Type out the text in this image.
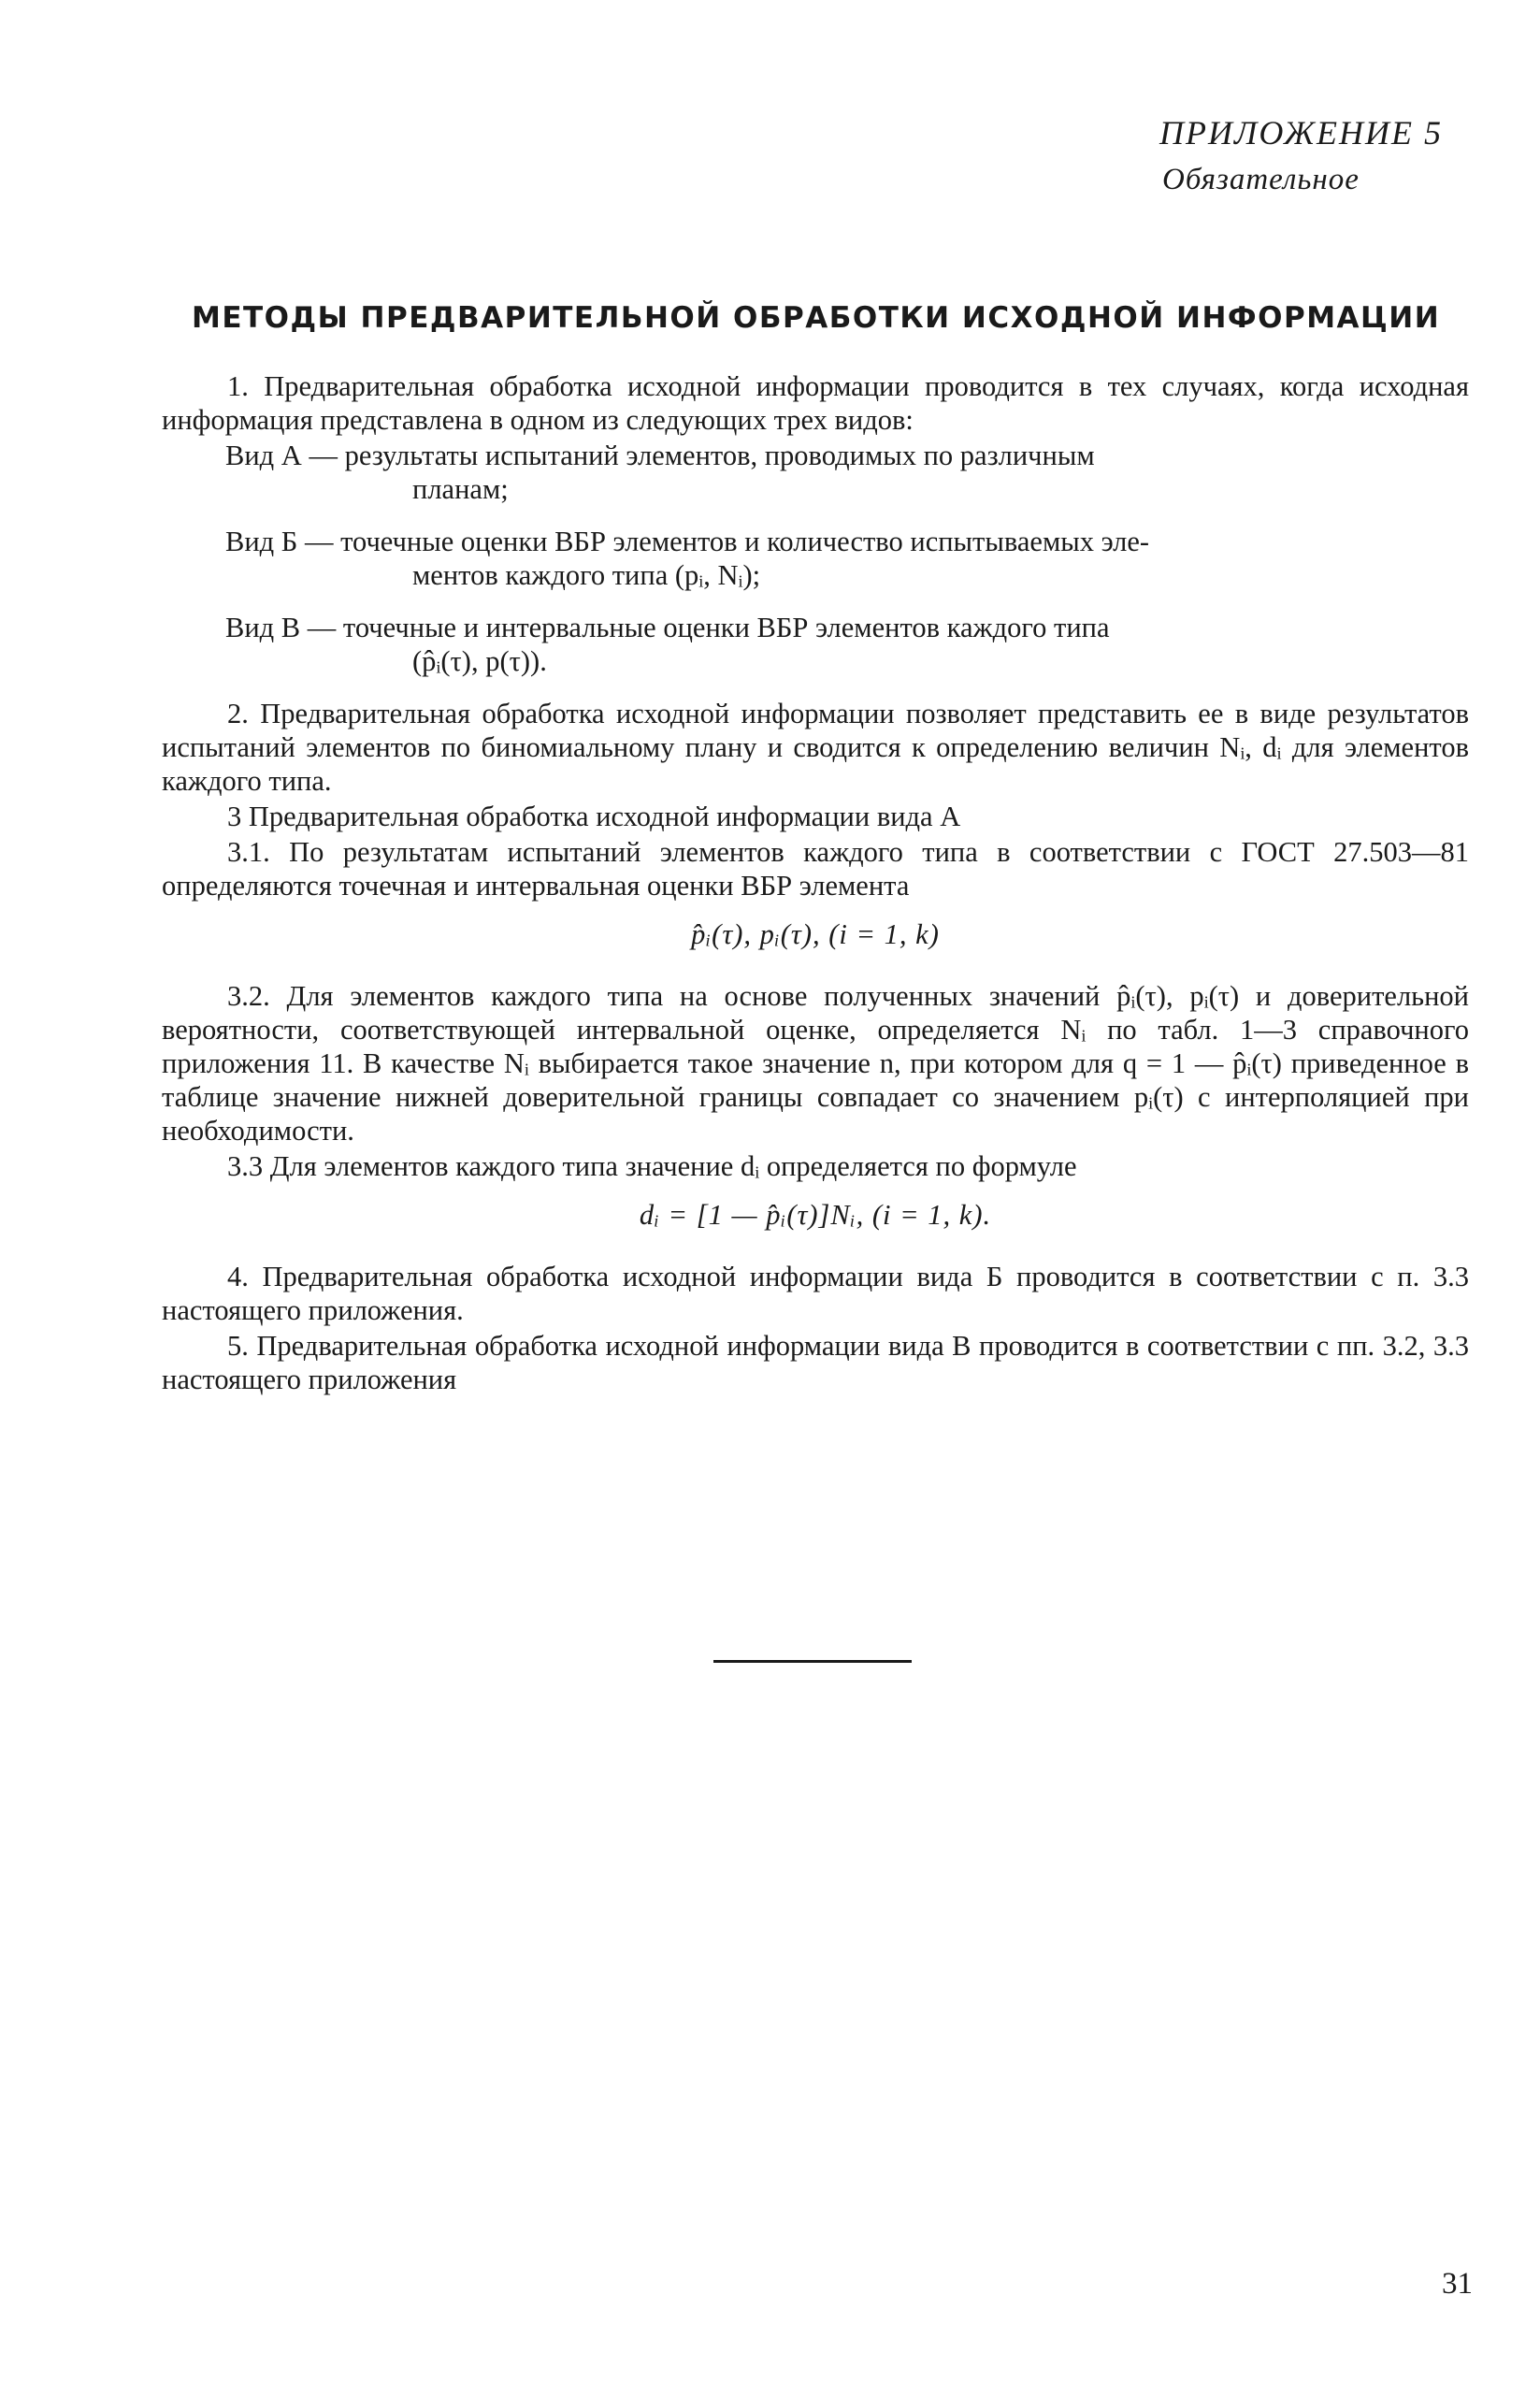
ПРИЛОЖЕНИЕ 5
Обязательное
МЕТОДЫ ПРЕДВАРИТЕЛЬНОЙ ОБРАБОТКИ ИСХОДНОЙ ИНФОРМАЦИИ

1. Предварительная обработка исходной информации проводится в тех случаях, когда исходная информация представлена в одном из следующих трех видов:

Вид А — результаты испытаний элементов, проводимых по различным
планам;

Вид Б — точечные оценки ВБР элементов и количество испытываемых эле-
ментов каждого типа (pᵢ, Nᵢ);

Вид В — точечные и интервальные оценки ВБР элементов каждого типа
(p̂ᵢ(τ), p(τ)).

2. Предварительная обработка исходной информации позволяет представить ее в виде результатов испытаний элементов по биномиальному плану и сводится к определению величин Nᵢ, dᵢ для элементов каждого типа.

3 Предварительная обработка исходной информации вида А

3.1. По результатам испытаний элементов каждого типа в соответствии с ГОСТ 27.503—81 определяются точечная и интервальная оценки ВБР элемента

p̂ᵢ(τ), pᵢ(τ), (i = 1, k)

3.2. Для элементов каждого типа на основе полученных значений p̂ᵢ(τ), pᵢ(τ) и доверительной вероятности, соответствующей интервальной оценке, определяется Nᵢ по табл. 1—3 справочного приложения 11. В качестве Nᵢ выбирается такое значение n, при котором для q = 1 — p̂ᵢ(τ) приведенное в таблице значение нижней доверительной границы совпадает со значением pᵢ(τ) с интерполяцией при необходимости.

3.3 Для элементов каждого типа значение dᵢ определяется по формуле

dᵢ = [1 — p̂ᵢ(τ)]Nᵢ, (i = 1, k).

4. Предварительная обработка исходной информации вида Б проводится в соответствии с п. 3.3 настоящего приложения.

5. Предварительная обработка исходной информации вида В проводится в соответствии с пп. 3.2, 3.3 настоящего приложения

31
